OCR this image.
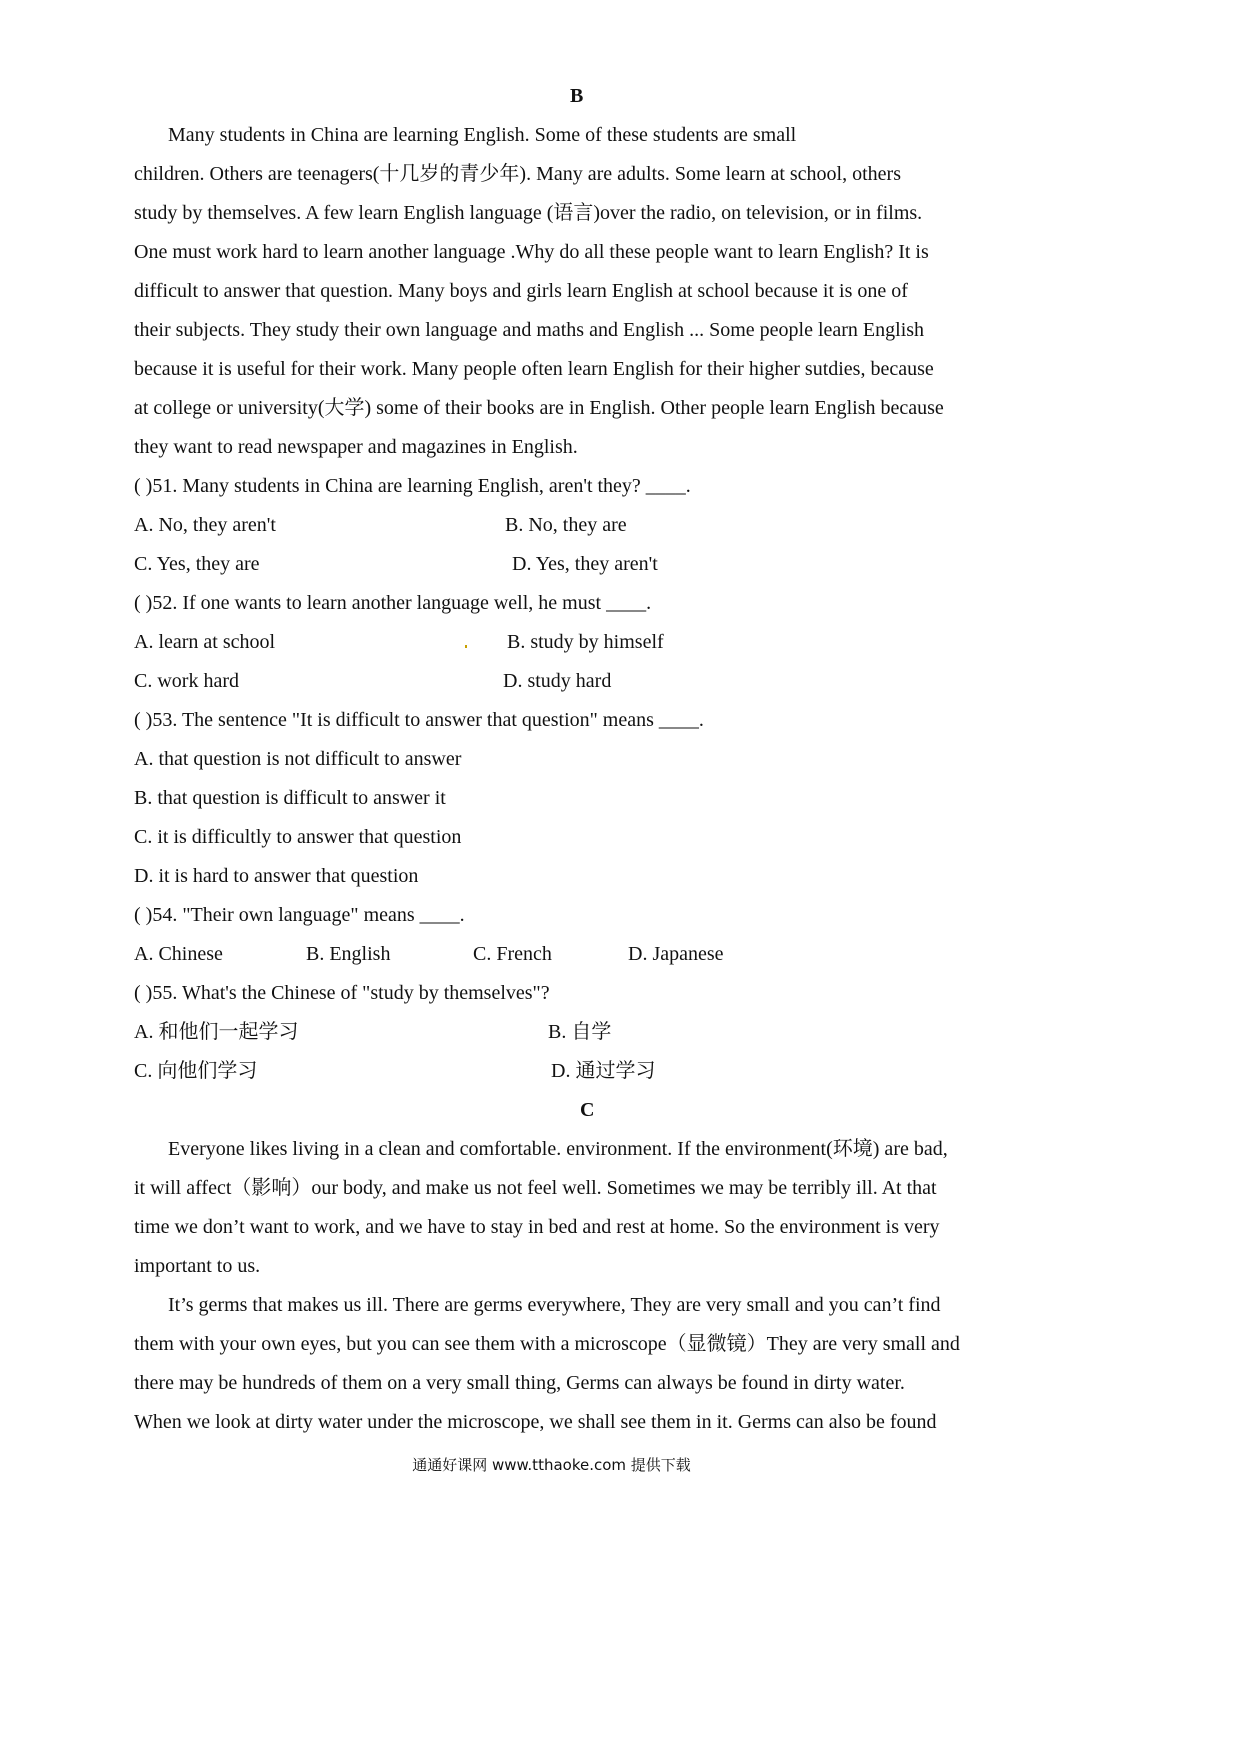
B
Many students in China are learning English. Some of these students are small
children. Others are teenagers(十几岁的青少年). Many are adults. Some learn at school, others
study by themselves. A few learn English language (语言)over the radio, on television, or in films.
One must work hard to learn another language .Why do all these people want to learn English? It is
difficult to answer that question. Many boys and girls learn English at school because it is one of
their subjects. They study their own language and maths and English ... Some people learn English
because it is useful for their work. Many people often learn English for their higher sutdies, because
at college or university(大学) some of their books are in English. Other people learn English because
they want to read newspaper and magazines in English.
( )51. Many students in China are learning English, aren't they? ____.
A. No, they aren't	B. No, they are
C. Yes, they are	D. Yes, they aren't
( )52. If one wants to learn another language well, he must ____.
A. learn at school	B. study by himself
C. work hard	D. study hard
( )53. The sentence "It is difficult to answer that question" means ____.
A. that question is not difficult to answer
B. that question is difficult to answer it
C. it is difficultly to answer that question
D. it is hard to answer that question
( )54. "Their own language" means ____.
A. Chinese	B. English	C. French	D. Japanese
( )55. What's the Chinese of "study by themselves"?
A. 和他们一起学习	B. 自学
C. 向他们学习	D. 通过学习
C
Everyone likes living in a clean and comfortable. environment. If the environment(环境) are bad,
it will affect（影响）our body, and make us not feel well. Sometimes we may be terribly ill. At that
time we don’t want to work, and we have to stay in bed and rest at home. So the environment is very
important to us.
It’s germs that makes us ill. There are germs everywhere, They are very small and you can’t find
them with your own eyes, but you can see them with a microscope（显微镜）They are very small and
there may be hundreds of them on a very small thing, Germs can always be found in dirty water.
When we look at dirty water under the microscope, we shall see them in it. Germs can also be found
通通好课网 www.tthaoke.com 提供下载
